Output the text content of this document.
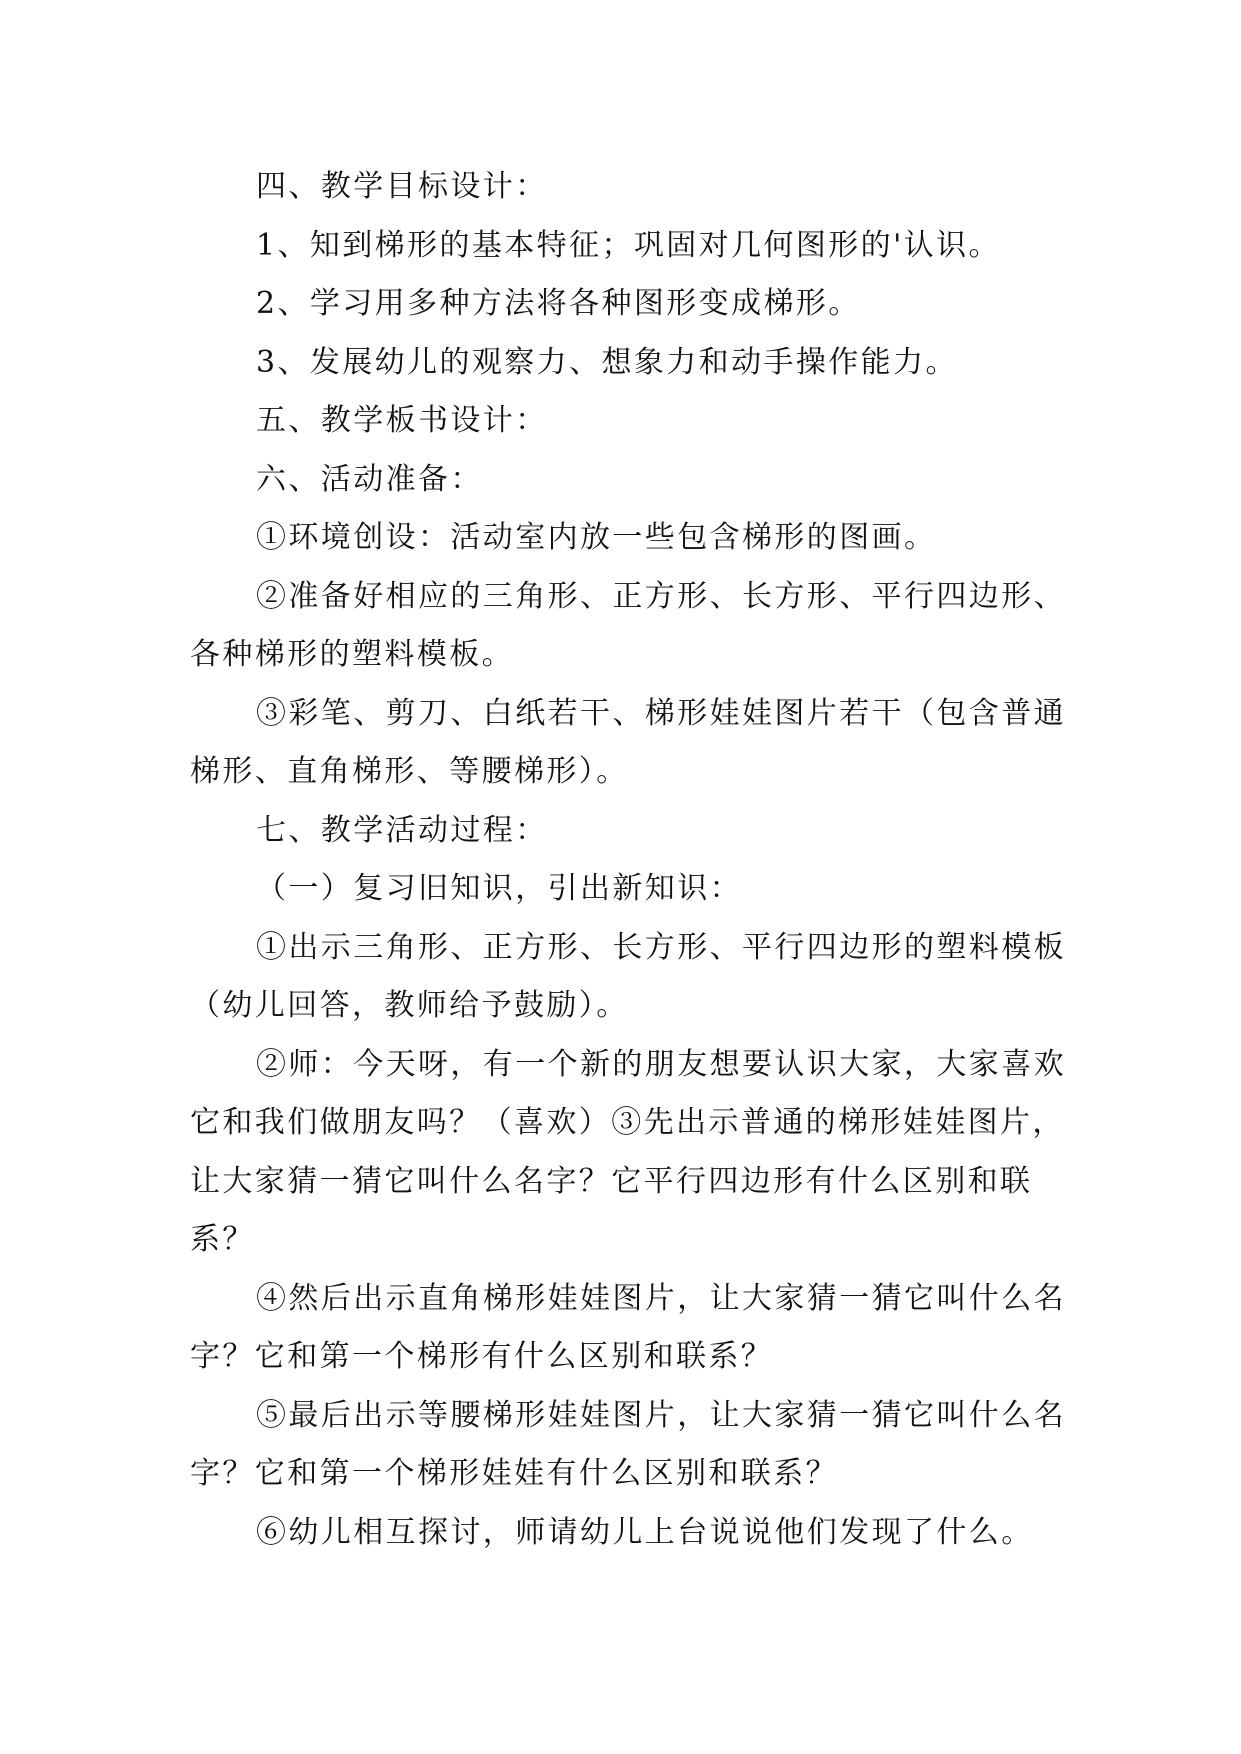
四、教学目标设计：

1、知到梯形的基本特征；巩固对几何图形的'认识。

2、学习用多种方法将各种图形变成梯形。

3、发展幼儿的观察力、想象力和动手操作能力。

五、教学板书设计：

六、活动准备：

①环境创设：活动室内放一些包含梯形的图画。

②准备好相应的三角形、正方形、长方形、平行四边形、各种梯形的塑料模板。

③彩笔、剪刀、白纸若干、梯形娃娃图片若干（包含普通梯形、直角梯形、等腰梯形）。

七、教学活动过程：

（一）复习旧知识，引出新知识：

①出示三角形、正方形、长方形、平行四边形的塑料模板（幼儿回答，教师给予鼓励）。

②师：今天呀，有一个新的朋友想要认识大家，大家喜欢它和我们做朋友吗？（喜欢）③先出示普通的梯形娃娃图片，让大家猜一猜它叫什么名字？它平行四边形有什么区别和联系？

④然后出示直角梯形娃娃图片，让大家猜一猜它叫什么名字？它和第一个梯形有什么区别和联系？

⑤最后出示等腰梯形娃娃图片，让大家猜一猜它叫什么名字？它和第一个梯形娃娃有什么区别和联系？

⑥幼儿相互探讨，师请幼儿上台说说他们发现了什么。
